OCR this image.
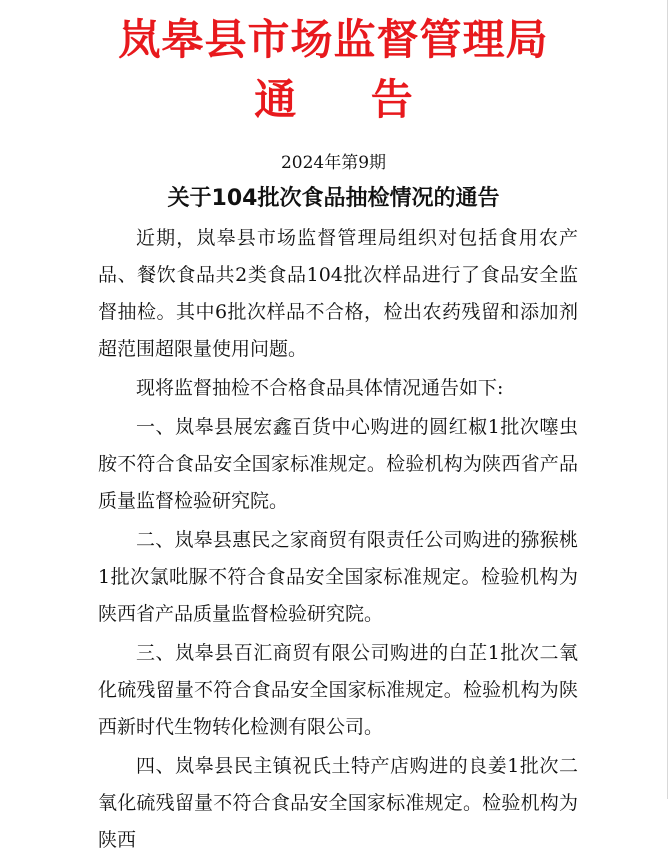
岚皋县市场监督管理局
通 告
2024年第9期
关于104批次食品抽检情况的通告

近期，岚皋县市场监督管理局组织对包括食用农产品、餐饮食品共2类食品104批次样品进行了食品安全监督抽检。其中6批次样品不合格，检出农药残留和添加剂超范围超限量使用问题。

现将监督抽检不合格食品具体情况通告如下:

一、岚皋县展宏鑫百货中心购进的圆红椒1批次噻虫胺不符合食品安全国家标准规定。检验机构为陕西省产品质量监督检验研究院。

二、岚皋县惠民之家商贸有限责任公司购进的猕猴桃1批次氯吡脲不符合食品安全国家标准规定。检验机构为陕西省产品质量监督检验研究院。

三、岚皋县百汇商贸有限公司购进的白芷1批次二氧化硫残留量不符合食品安全国家标准规定。检验机构为陕西新时代生物转化检测有限公司。

四、岚皋县民主镇祝氏土特产店购进的良姜1批次二氧化硫残留量不符合食品安全国家标准规定。检验机构为陕西
